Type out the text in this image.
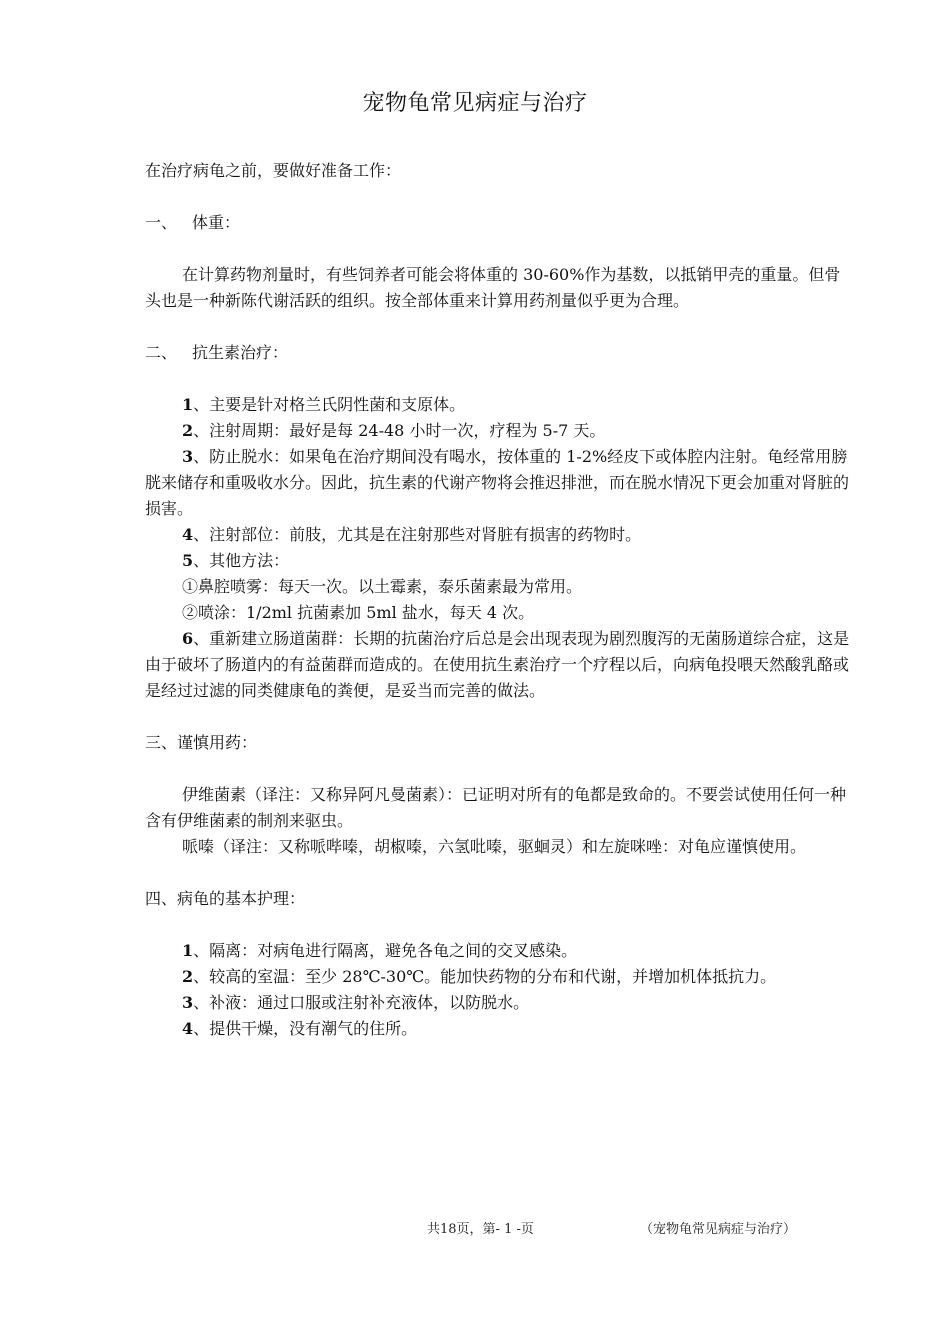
宠物龟常见病症与治疗

在治疗病龟之前，要做好准备工作：

一、 体重：

在计算药物剂量时，有些饲养者可能会将体重的 30-60%作为基数，以抵销甲壳的重量。但骨头也是一种新陈代谢活跃的组织。按全部体重来计算用药剂量似乎更为合理。

二、 抗生素治疗：

1、主要是针对格兰氏阴性菌和支原体。

2、注射周期：最好是每 24-48 小时一次，疗程为 5-7 天。

3、防止脱水：如果龟在治疗期间没有喝水，按体重的 1-2%经皮下或体腔内注射。龟经常用膀胱来储存和重吸收水分。因此，抗生素的代谢产物将会推迟排泄，而在脱水情况下更会加重对肾脏的损害。

4、注射部位：前肢，尤其是在注射那些对肾脏有损害的药物时。

5、其他方法：

①鼻腔喷雾：每天一次。以土霉素，泰乐菌素最为常用。

②喷涂：1/2ml 抗菌素加 5ml 盐水，每天 4 次。

6、重新建立肠道菌群：长期的抗菌治疗后总是会出现表现为剧烈腹泻的无菌肠道综合症，这是由于破坏了肠道内的有益菌群而造成的。在使用抗生素治疗一个疗程以后，向病龟投喂天然酸乳酪或是经过过滤的同类健康龟的粪便，是妥当而完善的做法。

三、谨慎用药：

伊维菌素（译注：又称异阿凡曼菌素）：已证明对所有的龟都是致命的。不要尝试使用任何一种含有伊维菌素的制剂来驱虫。

哌嗪（译注：又称哌哔嗪，胡椒嗪，六氢吡嗪，驱蛔灵）和左旋咪唑：对龟应谨慎使用。

四、病龟的基本护理：

1、隔离：对病龟进行隔离，避免各龟之间的交叉感染。

2、较高的室温：至少 28℃-30℃。能加快药物的分布和代谢，并增加机体抵抗力。

3、补液：通过口服或注射补充液体，以防脱水。

4、提供干燥，没有潮气的住所。

共18页，第- 1 -页	（宠物龟常见病症与治疗）
